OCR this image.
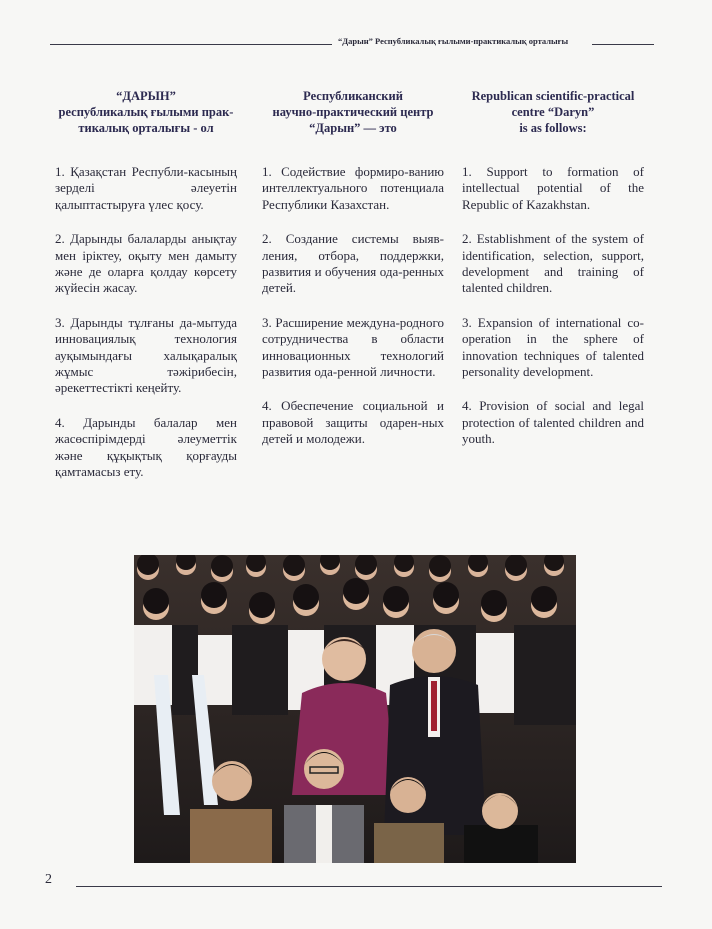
“Дарын” Республикалық ғылыми-практикалық орталығы
“ДАРЫН”
республикалық ғылыми прак-
тикалық орталығы - ол

1. Қазақстан Республи-касының зерделі әлеуетін қалыптастыруға үлес қосу.

2. Дарынды балаларды анықтау мен іріктеу, оқыту мен дамыту және де оларға қолдау көрсету жүйесін жасау.

3. Дарынды тұлғаны да-мытуда инновациялық технология ауқымындағы халықаралық жұмыс тәжірибесін, әрекеттестікті кеңейту.

4. Дарынды балалар мен жасөспірімдерді әлеуметтік және құқықтық қорғауды қамтамасыз ету.

Республиканский
научно-практический центр
“Дарын” — это

1. Содействие формиро-ванию интеллектуального потенциала Республики Казахстан.

2. Создание системы выяв-ления, отбора, поддержки, развития и обучения ода-ренных детей.

3. Расширение междуна-родного сотрудничества в области инновационных технологий развития ода-ренной личности.

4. Обеспечение социальной и правовой защиты одарен-ных детей и молодежи.

Republican scientific-practical
centre “Daryn”
is as follows:

1. Support to formation of intellectual potential of the Republic of Kazakhstan.

2. Establishment of the system of identification, selection, support, development and training of talented children.

3. Expansion of international co-operation in the sphere of innovation techniques of talented personality development.

4. Provision of social and legal protection of talented children and youth.

2
